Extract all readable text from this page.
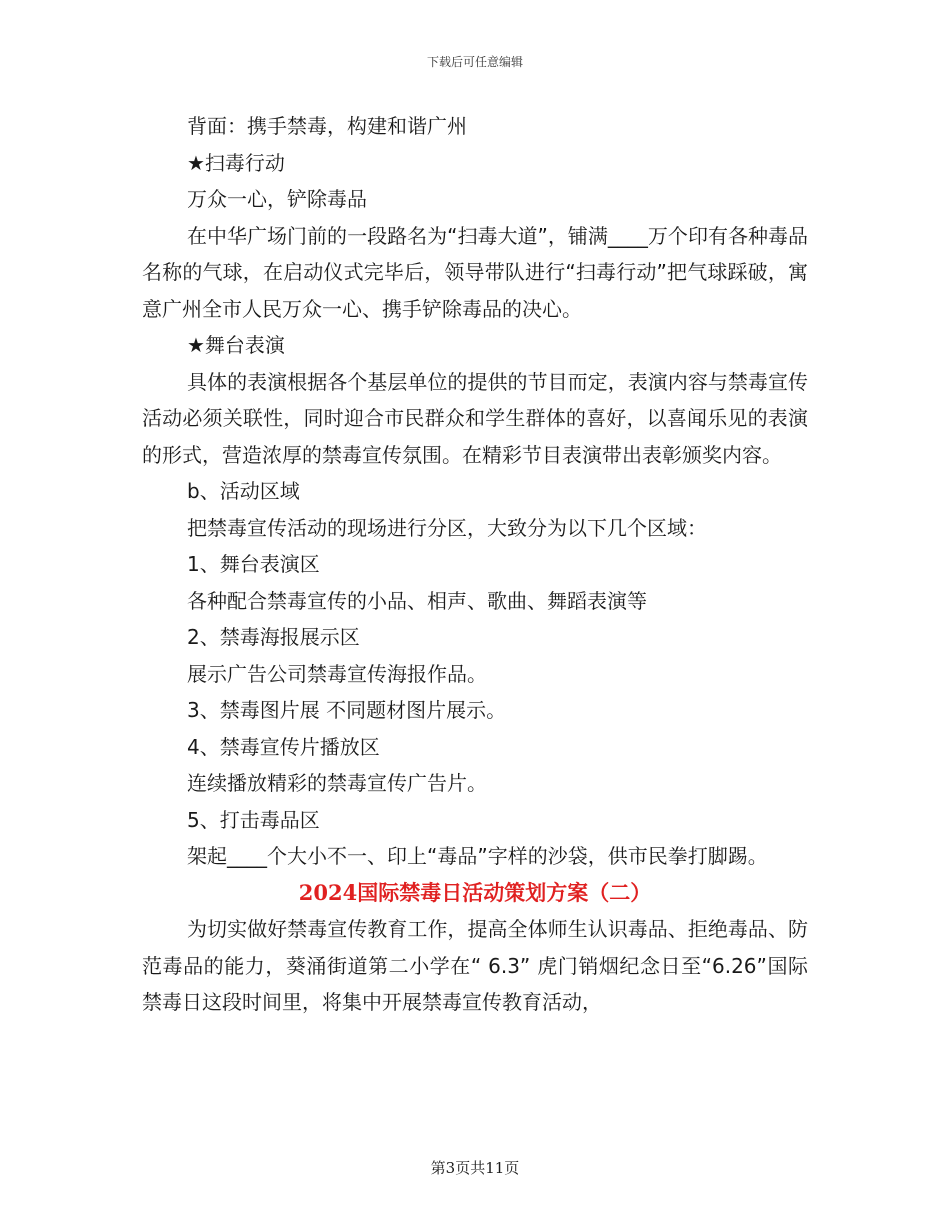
下载后可任意编辑

背面：携手禁毒，构建和谐广州

★扫毒行动

万众一心，铲除毒品

在中华广场门前的一段路名为“扫毒大道”，铺满____万个印有各种毒品名称的气球，在启动仪式完毕后，领导带队进行“扫毒行动”把气球踩破，寓意广州全市人民万众一心、携手铲除毒品的决心。

★舞台表演

具体的表演根据各个基层单位的提供的节目而定，表演内容与禁毒宣传活动必须关联性，同时迎合市民群众和学生群体的喜好，以喜闻乐见的表演的形式，营造浓厚的禁毒宣传氛围。在精彩节目表演带出表彰颁奖内容。

b、活动区域

把禁毒宣传活动的现场进行分区，大致分为以下几个区域：

1、舞台表演区

各种配合禁毒宣传的小品、相声、歌曲、舞蹈表演等

2、禁毒海报展示区

展示广告公司禁毒宣传海报作品。

3、禁毒图片展 不同题材图片展示。

4、禁毒宣传片播放区

连续播放精彩的禁毒宣传广告片。

5、打击毒品区

架起____个大小不一、印上“毒品”字样的沙袋，供市民拳打脚踢。

2024国际禁毒日活动策划方案（二）

为切实做好禁毒宣传教育工作，提高全体师生认识毒品、拒绝毒品、防范毒品的能力，葵涌街道第二小学在“ 6.3” 虎门销烟纪念日至“6.26”国际禁毒日这段时间里，将集中开展禁毒宣传教育活动，

第3页共11页
